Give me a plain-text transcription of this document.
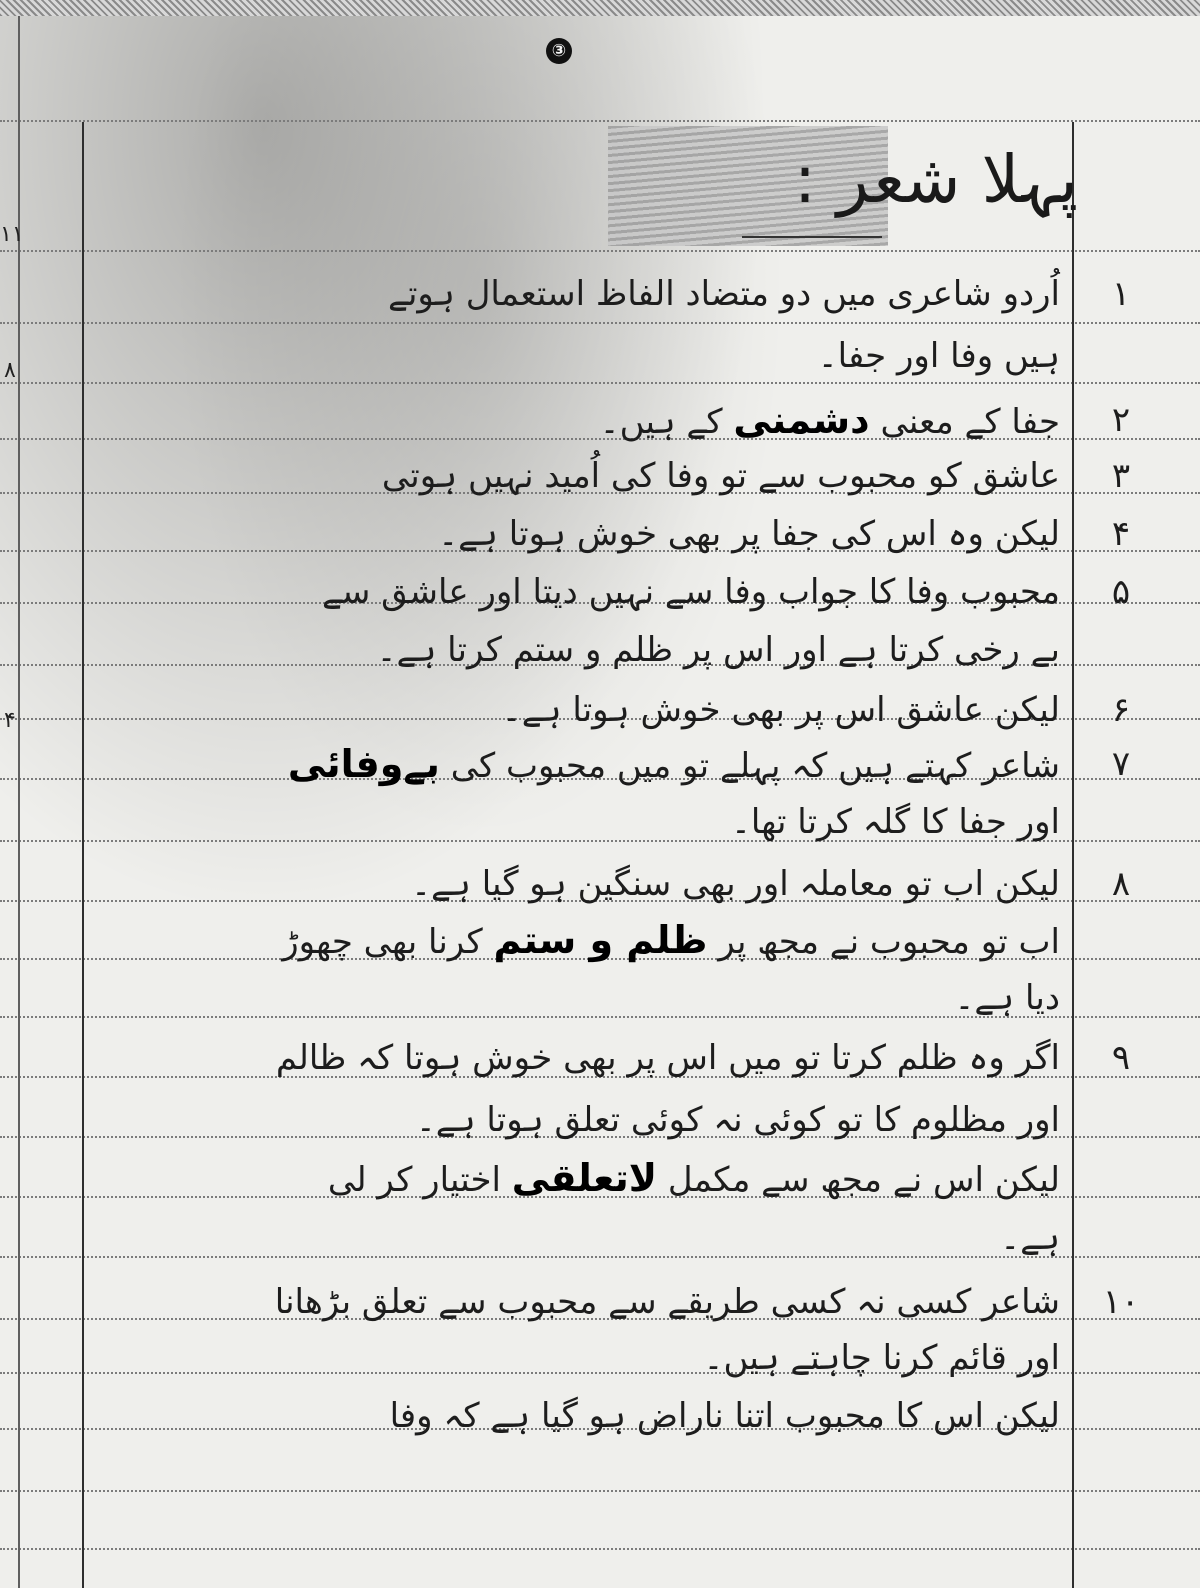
③
۱۱
۸
۴
پہلا شعر :
اُردو شاعری میں دو متضاد الفاظ استعمال ہوتے	۱
ہیں وفا اور جفا۔
جفا کے معنی دشمنی کے ہیں۔	۲
عاشق کو محبوب سے تو وفا کی اُمید نہیں ہوتی	۳
لیکن وہ اس کی جفا پر بھی خوش ہوتا ہے۔	۴
محبوب وفا کا جواب وفا سے نہیں دیتا اور عاشق سے	۵
بے رخی کرتا ہے اور اس پر ظلم و ستم کرتا ہے۔
لیکن عاشق اس پر بھی خوش ہوتا ہے۔	۶
شاعر کہتے ہیں کہ پہلے تو میں محبوب کی بےوفائی	۷
اور جفا کا گلہ کرتا تھا۔
لیکن اب تو معاملہ اور بھی سنگین ہو گیا ہے۔	۸
اب تو محبوب نے مجھ پر ظلم و ستم کرنا بھی چھوڑ
دیا ہے۔
اگر وہ ظلم کرتا تو میں اس پر بھی خوش ہوتا کہ ظالم	۹
اور مظلوم کا تو کوئی نہ کوئی تعلق ہوتا ہے۔
لیکن اس نے مجھ سے مکمل لاتعلقی اختیار کر لی
ہے۔
شاعر کسی نہ کسی طریقے سے محبوب سے تعلق بڑھانا ۱۰
اور قائم کرنا چاہتے ہیں۔
لیکن اس کا محبوب اتنا ناراض ہو گیا ہے کہ وفا
